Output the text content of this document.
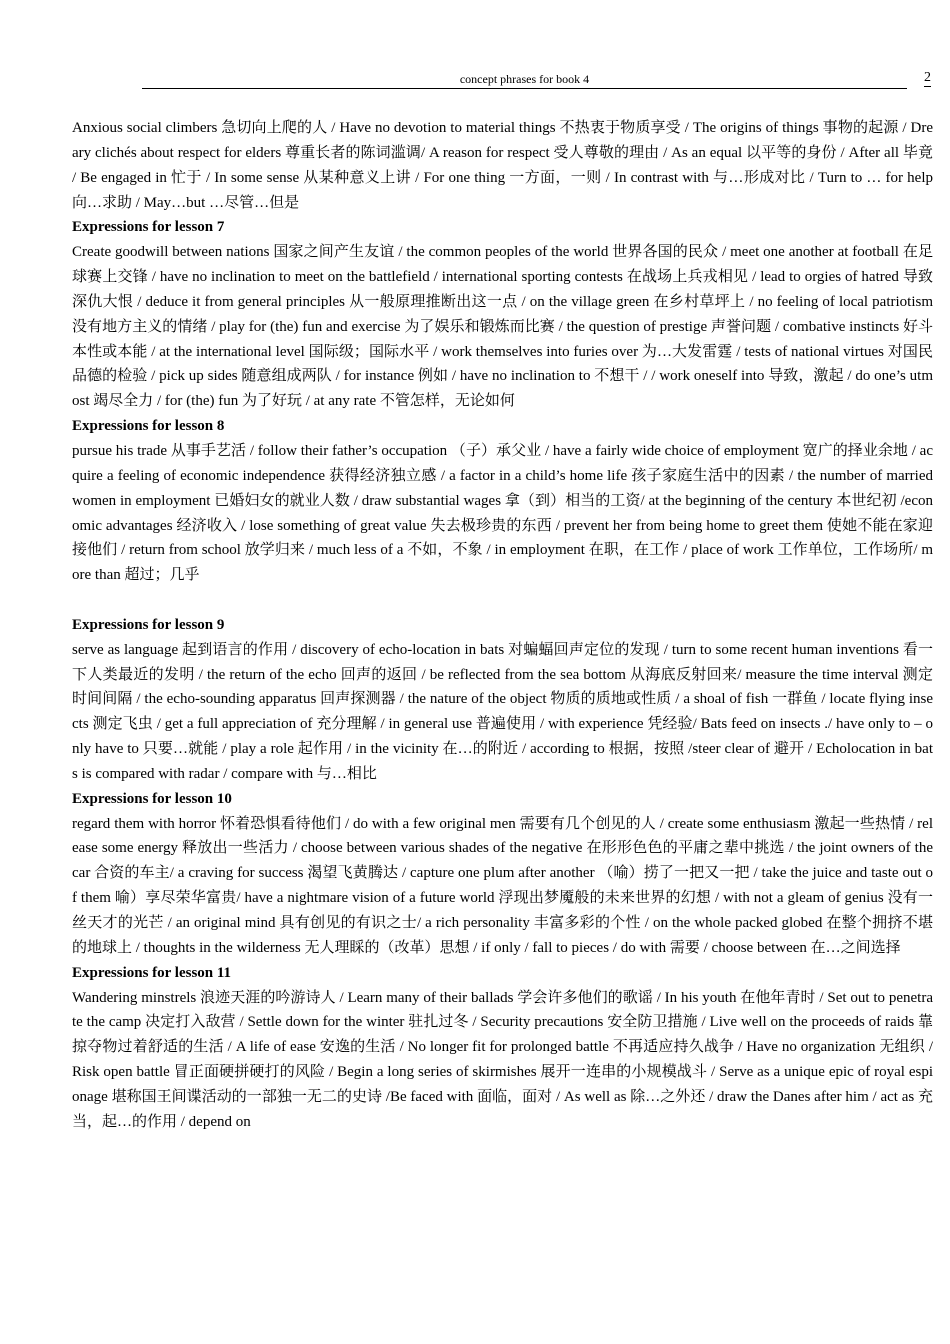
concept phrases for book 4	2

Anxious social climbers 急切向上爬的人 / Have no devotion to material things 不热衷于物质享受 / The origins of things 事物的起源 / Dreary clichés about respect for elders 尊重长者的陈词滥调/ A reason for respect 受人尊敬的理由 / As an equal 以平等的身份 / After all 毕竟 / Be engaged in 忙于 / In some sense 从某种意义上讲 / For one thing 一方面，一则 / In contrast with 与…形成对比 / Turn to … for help 向…求助 / May…but …尽管…但是

Expressions for lesson 7

Create goodwill between nations 国家之间产生友谊 / the common peoples of the world 世界各国的民众 / meet one another at football 在足球赛上交锋 / have no inclination to meet on the battlefield / international sporting contests 在战场上兵戎相见 / lead to orgies of hatred 导致深仇大恨 / deduce it from general principles 从一般原理推断出这一点 / on the village green 在乡村草坪上 / no feeling of local patriotism 没有地方主义的情绪 / play for (the) fun and exercise 为了娱乐和锻炼而比赛 / the question of prestige 声誉问题 / combative instincts 好斗本性或本能 / at the international level 国际级；国际水平 / work themselves into furies over 为…大发雷霆 / tests of national virtues 对国民品德的检验 / pick up sides 随意组成两队 / for instance 例如 / have no inclination to 不想干 / / work oneself into 导致，激起 / do one’s utmost 竭尽全力 / for (the) fun 为了好玩 / at any rate 不管怎样，无论如何

Expressions for lesson 8

pursue his trade 从事手艺活 / follow their father’s occupation （子）承父业 / have a fairly wide choice of employment 宽广的择业余地 / acquire a feeling of economic independence 获得经济独立感 / a factor in a child’s home life 孩子家庭生活中的因素 / the number of married women in employment 已婚妇女的就业人数 / draw substantial wages 拿（到）相当的工资/ at the beginning of the century 本世纪初 /economic advantages 经济收入 / lose something of great value 失去极珍贵的东西 / prevent her from being home to greet them 使她不能在家迎接他们 / return from school 放学归来 / much less of a 不如，不象 / in employment 在职，在工作 / place of work 工作单位，工作场所/ more than 超过；几乎

Expressions for lesson 9

serve as language 起到语言的作用 / discovery of echo-location in bats 对蝙蝠回声定位的发现 / turn to some recent human inventions 看一下人类最近的发明 / the return of the echo 回声的返回 / be reflected from the sea bottom 从海底反射回来/ measure the time interval 测定时间间隔 / the echo-sounding apparatus 回声探测器 / the nature of the object 物质的质地或性质 / a shoal of fish 一群鱼 / locate flying insects 测定飞虫 / get a full appreciation of 充分理解 / in general use 普遍使用 / with experience 凭经验/ Bats feed on insects ./ have only to – only have to 只要…就能 / play a role 起作用 / in the vicinity 在…的附近 / according to 根据，按照 /steer clear of 避开 / Echolocation in bats is compared with radar / compare with 与…相比

Expressions for lesson 10

regard them with horror 怀着恐惧看待他们 / do with a few original men 需要有几个创见的人 / create some enthusiasm 激起一些热情 / release some energy 释放出一些活力 / choose between various shades of the negative 在形形色色的平庸之辈中挑选 / the joint owners of the car 合资的车主/ a craving for success 渴望飞黄腾达 / capture one plum after another （喻）捞了一把又一把 / take the juice and taste out of them 喻）享尽荣华富贵/ have a nightmare vision of a future world 浮现出梦魇般的未来世界的幻想 / with not a gleam of genius 没有一丝天才的光芒 / an original mind 具有创见的有识之士/ a rich personality 丰富多彩的个性 / on the whole packed globed 在整个拥挤不堪的地球上 / thoughts in the wilderness 无人理睬的（改革）思想 / if only / fall to pieces / do with 需要 / choose between 在…之间选择

Expressions for lesson 11

Wandering minstrels 浪迹天涯的吟游诗人 / Learn many of their ballads 学会许多他们的歌谣 / In his youth 在他年青时 / Set out to penetrate the camp 决定打入敌营 / Settle down for the winter 驻扎过冬 / Security precautions 安全防卫措施 / Live well on the proceeds of raids 靠掠夺物过着舒适的生活 / A life of ease 安逸的生活 / No longer fit for prolonged battle 不再适应持久战争 / Have no organization 无组织 / Risk open battle 冒正面硬拼硬打的风险 / Begin a long series of skirmishes 展开一连串的小规模战斗 / Serve as a unique epic of royal espionage 堪称国王间谍活动的一部独一无二的史诗 /Be faced with 面临，面对 / As well as 除…之外还 / draw the Danes after him / act as 充当，起…的作用 / depend on
